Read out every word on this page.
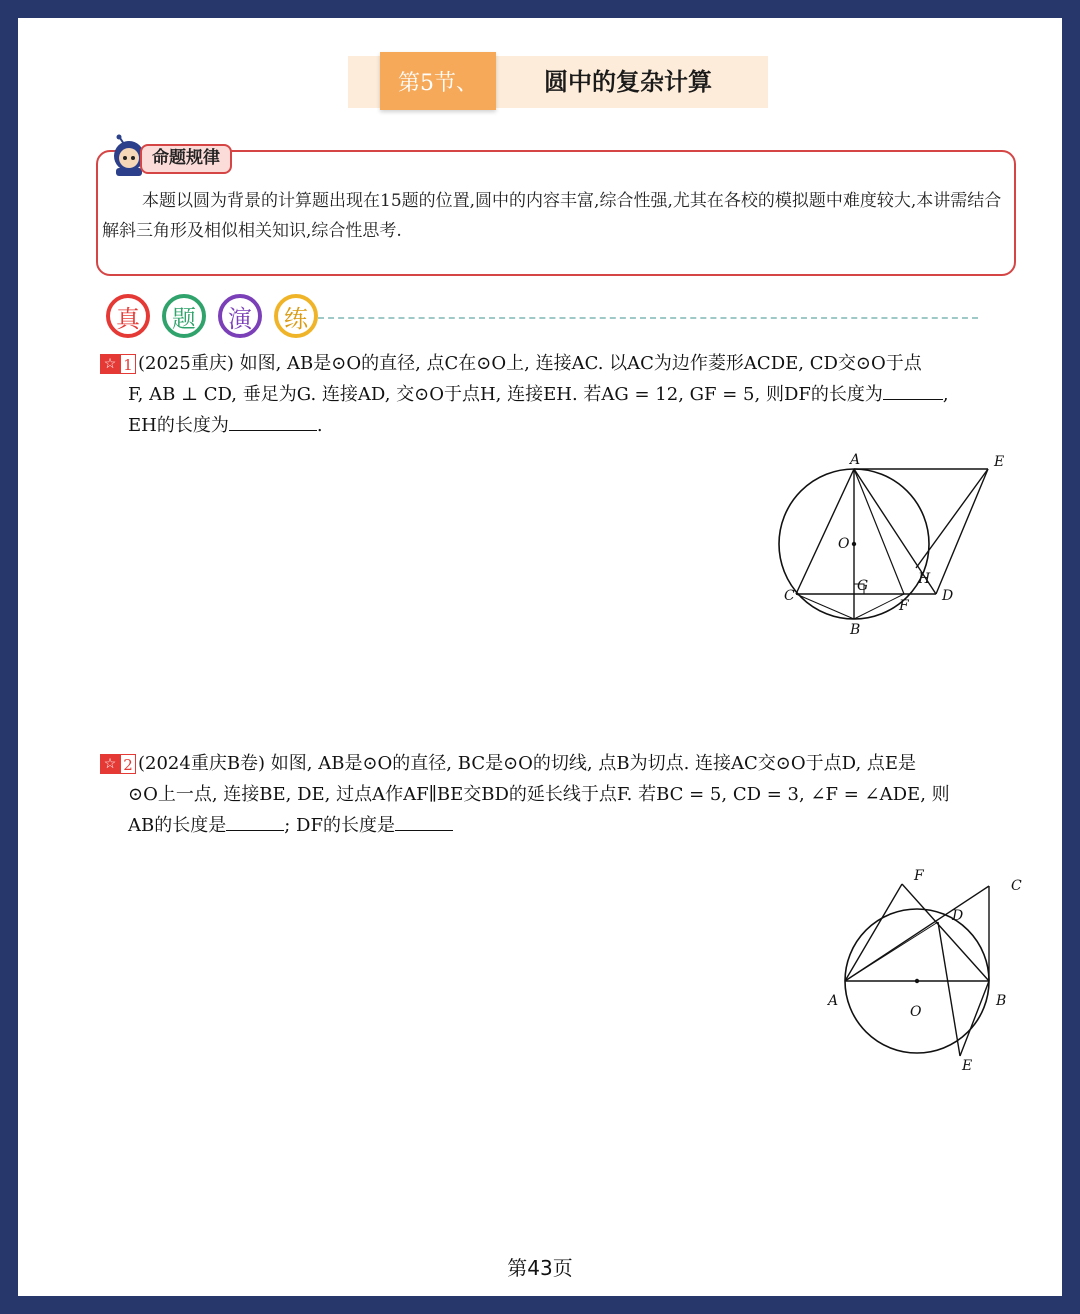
第5节、	圆中的复杂计算
命题规律
本题以圆为背景的计算题出现在15题的位置,圆中的内容丰富,综合性强,尤其在各校的模拟题中难度较大,本讲需结合解斜三角形及相似相关知识,综合性思考.
真	题	演	练
☆ 1 (2025重庆) 如图, AB是⊙O的直径, 点C在⊙O上, 连接AC. 以AC为边作菱形ACDE, CD交⊙O于点
F, AB ⊥ CD, 垂足为G. 连接AD, 交⊙O于点H, 连接EH. 若AG = 12, GF = 5, 则DF的长度为	,
EH的长度为	.
A	E
O
H
G
C
F
D
B
☆ 2 (2024重庆B卷) 如图, AB是⊙O的直径, BC是⊙O的切线, 点B为切点. 连接AC交⊙O于点D, 点E是
⊙O上一点, 连接BE, DE, 过点A作AF∥BE交BD的延长线于点F. 若BC = 5, CD = 3, ∠F = ∠ADE, 则
AB的长度是	; DF的长度是
F
C
D
A
O
B
E
第43页
